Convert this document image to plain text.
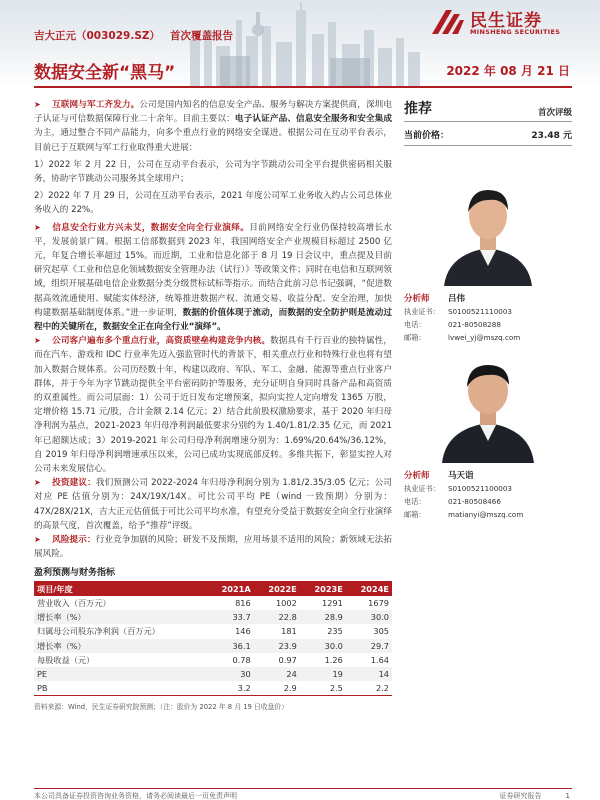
民生证券
MINSHENG SECURITIES
吉大正元（003029.SZ） 首次覆盖报告
数据安全新“黑马”	2022 年 08 月 21 日
➤ 互联网与军工齐发力。公司是国内知名的信息安全产品、服务与解决方案提供商，深圳电子认证与可信数据保障行业二十余年。目前主要以：电子认证产品、信息安全服务和安全集成为主，通过整合不同产品能力，向多个重点行业的网络安全谋进。根据公司在互动平台表示，目前已于互联网与军工行业取得重大进展：
1）2022 年 2 月 22 日，公司在互动平台表示，公司为字节跳动公司全平台提供密码相关服务，协助字节跳动公司服务其全球用户；
2）2022 年 7 月 29 日，公司在互动平台表示，2021 年度公司军工业务收入约占公司总体业务收入的 22%。
➤ 信息安全行业方兴未艾，数据安全向全行业演绎。目前网络安全行业仍保持较高增长水平，发展前景广阔。根据工信部数据到 2023 年，我国网络安全产业规模目标超过 2500 亿元，年复合增长率超过 15%。而近期，工业和信息化部于 8 月 19 日会议中，重点提及目前研究起草《工业和信息化领域数据安全管理办法（试行）》等政策文件；同时在电信和互联网领域，组织开展基础电信企业数据分类分级贯标试标等指示。而结合此前习总书记强调，“促进数据高效流通使用、赋能实体经济，统筹推进数据产权、流通交易、收益分配、安全治理，加快构建数据基础制度体系。”进一步证明，数据的价值体现于流动，而数据的安全防护则是流动过程中的关键所在，数据安全正在向全行业“演绎”。
➤ 公司客户遍布多个重点行业，高资质壁垒构建竞争内核。数据具有千行百业的独特属性，而在汽车、游戏和 IDC 行业率先迈入强监管时代的背景下，相关重点行业和特殊行业也将有望加入数据合规体系。公司历经数十年，构建以政府、军队、军工、金融、能源等重点行业客户群体，并于今年为字节跳动提供全平台密码防护等服务，充分证明自身同时具备产品和高资质的双重属性。而公司层面：1）公司于近日发布定增预案，拟向实控人定向增发 1365 万股，定增价格 15.71 元/股，合计金额 2.14 亿元；2）结合此前股权激励要求，基于 2020 年归母净利润为基点，2021-2023 年归母净利润最低要求分别约为 1.40/1.81/2.35 亿元，而 2021 年已超额达成；3）2019-2021 年公司归母净利润增速分别为：1.69%/20.64%/36.12%，自 2019 年归母净利润增速承压以来，公司已成功实现底部反转。多维共振下，彰显实控人对公司未来发展信心。
➤ 投资建议：我们预测公司 2022-2024 年归母净利润分别为 1.81/2.35/3.05 亿元；公司对应 PE 估值分别为：24X/19X/14X。可比公司平均 PE（wind 一致预期）分别为：47X/28X/21X，吉大正元估值低于可比公司平均水准，有望充分受益于数据安全向全行业演绎的高景气度，首次覆盖，给予“推荐”评级。
➤ 风险提示：行业竞争加剧的风险；研发不及预期，应用场景不适用的风险；新领域无法拓展风险。
盈利预测与财务指标
项目/年度	2021A	2022E	2023E	2024E
营业收入（百万元）	816	1002	1291	1679
增长率（%）	33.7	22.8	28.9	30.0
归属母公司股东净利润（百万元）	146	181	235	305
增长率（%）	36.1	23.9	30.0	29.7
每股收益（元）	0.78	0.97	1.26	1.64
PE	30	24	19	14
PB	3.2	2.9	2.5	2.2
资料来源：Wind，民生证券研究院预测；（注：股价为 2022 年 8 月 19 日收盘价）
推荐	首次评级
当前价格：	23.48 元
分析师	吕伟
执业证书：	S0100521110003
电话：	021-80508288
邮箱：	lvwei_yj@mszq.com
分析师	马天诣
执业证书：	S0100521100003
电话：	021-80508466
邮箱：	matianyi@mszq.com
本公司具备证券投资咨询业务资格，请务必阅读最后一页免责声明	证券研究报告	1
